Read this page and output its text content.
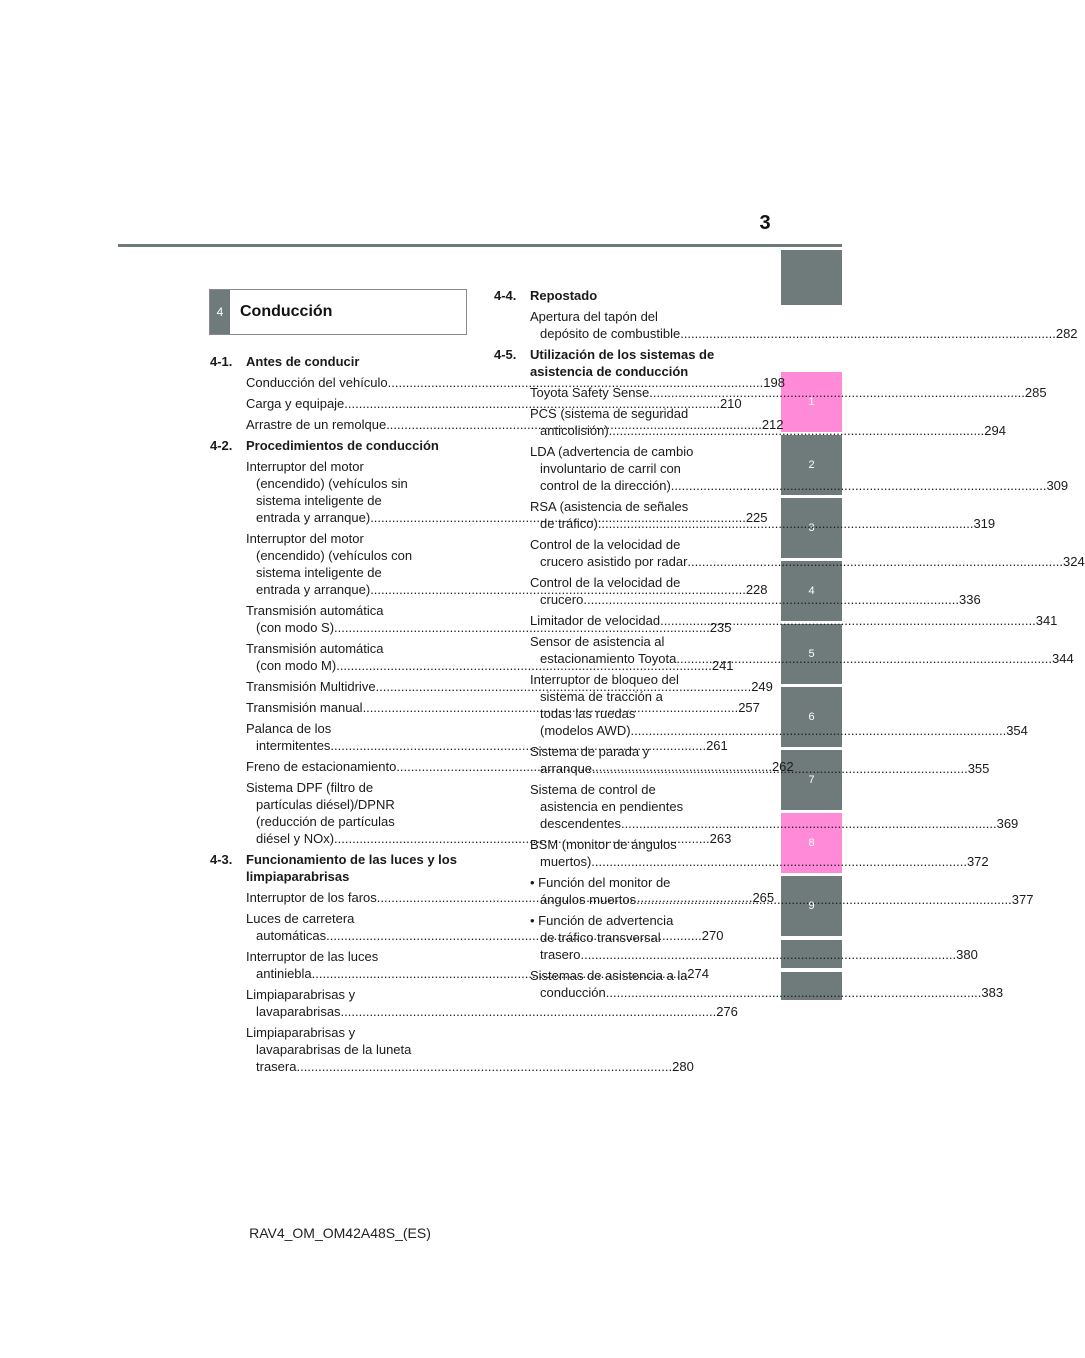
3
1
2
3
4
5
6
7
8
9
4	Conducción
4-1.	Antes de conducir
Conducción del vehículo .....	198
Carga y equipaje .....	210
Arrastre de un remolque .....	212
4-2.	Procedimientos de conducción
Interruptor del motor
(encendido) (vehículos sin
sistema inteligente de
entrada y arranque) .....	225
Interruptor del motor
(encendido) (vehículos con
sistema inteligente de
entrada y arranque) .....	228
Transmisión automática
(con modo S) .....	235
Transmisión automática
(con modo M) .....	241
Transmisión Multidrive .....	249
Transmisión manual .....	257
Palanca de los
intermitentes .....	261
Freno de estacionamiento .....	262
Sistema DPF (filtro de
partículas diésel)/DPNR
(reducción de partículas
diésel y NOx) .....	263
4-3.	Funcionamiento de las luces y los limpiaparabrisas
Interruptor de los faros .....	265
Luces de carretera
automáticas .....	270
Interruptor de las luces
antiniebla .....	274
Limpiaparabrisas y
lavaparabrisas .....	276
Limpiaparabrisas y
lavaparabrisas de la luneta
trasera .....	280
4-4.	Repostado
Apertura del tapón del
depósito de combustible .....	282
4-5.	Utilización de los sistemas de asistencia de conducción
Toyota Safety Sense .....	285
PCS (sistema de seguridad
anticolisión) .....	294
LDA (advertencia de cambio
involuntario de carril con
control de la dirección) .....	309
RSA (asistencia de señales
de tráfico) .....	319
Control de la velocidad de
crucero asistido por radar .....	324
Control de la velocidad de
crucero .....	336
Limitador de velocidad .....	341
Sensor de asistencia al
estacionamiento Toyota .....	344
Interruptor de bloqueo del
sistema de tracción a
todas las ruedas
(modelos AWD) .....	354
Sistema de parada y
arranque .....	355
Sistema de control de
asistencia en pendientes
descendentes .....	369
BSM (monitor de ángulos
muertos) .....	372
• Función del monitor de
ángulos muertos .....	377
• Función de advertencia
de tráfico transversal
trasero .....	380
Sistemas de asistencia a la
conducción .....	383
RAV4_OM_OM42A48S_(ES)
